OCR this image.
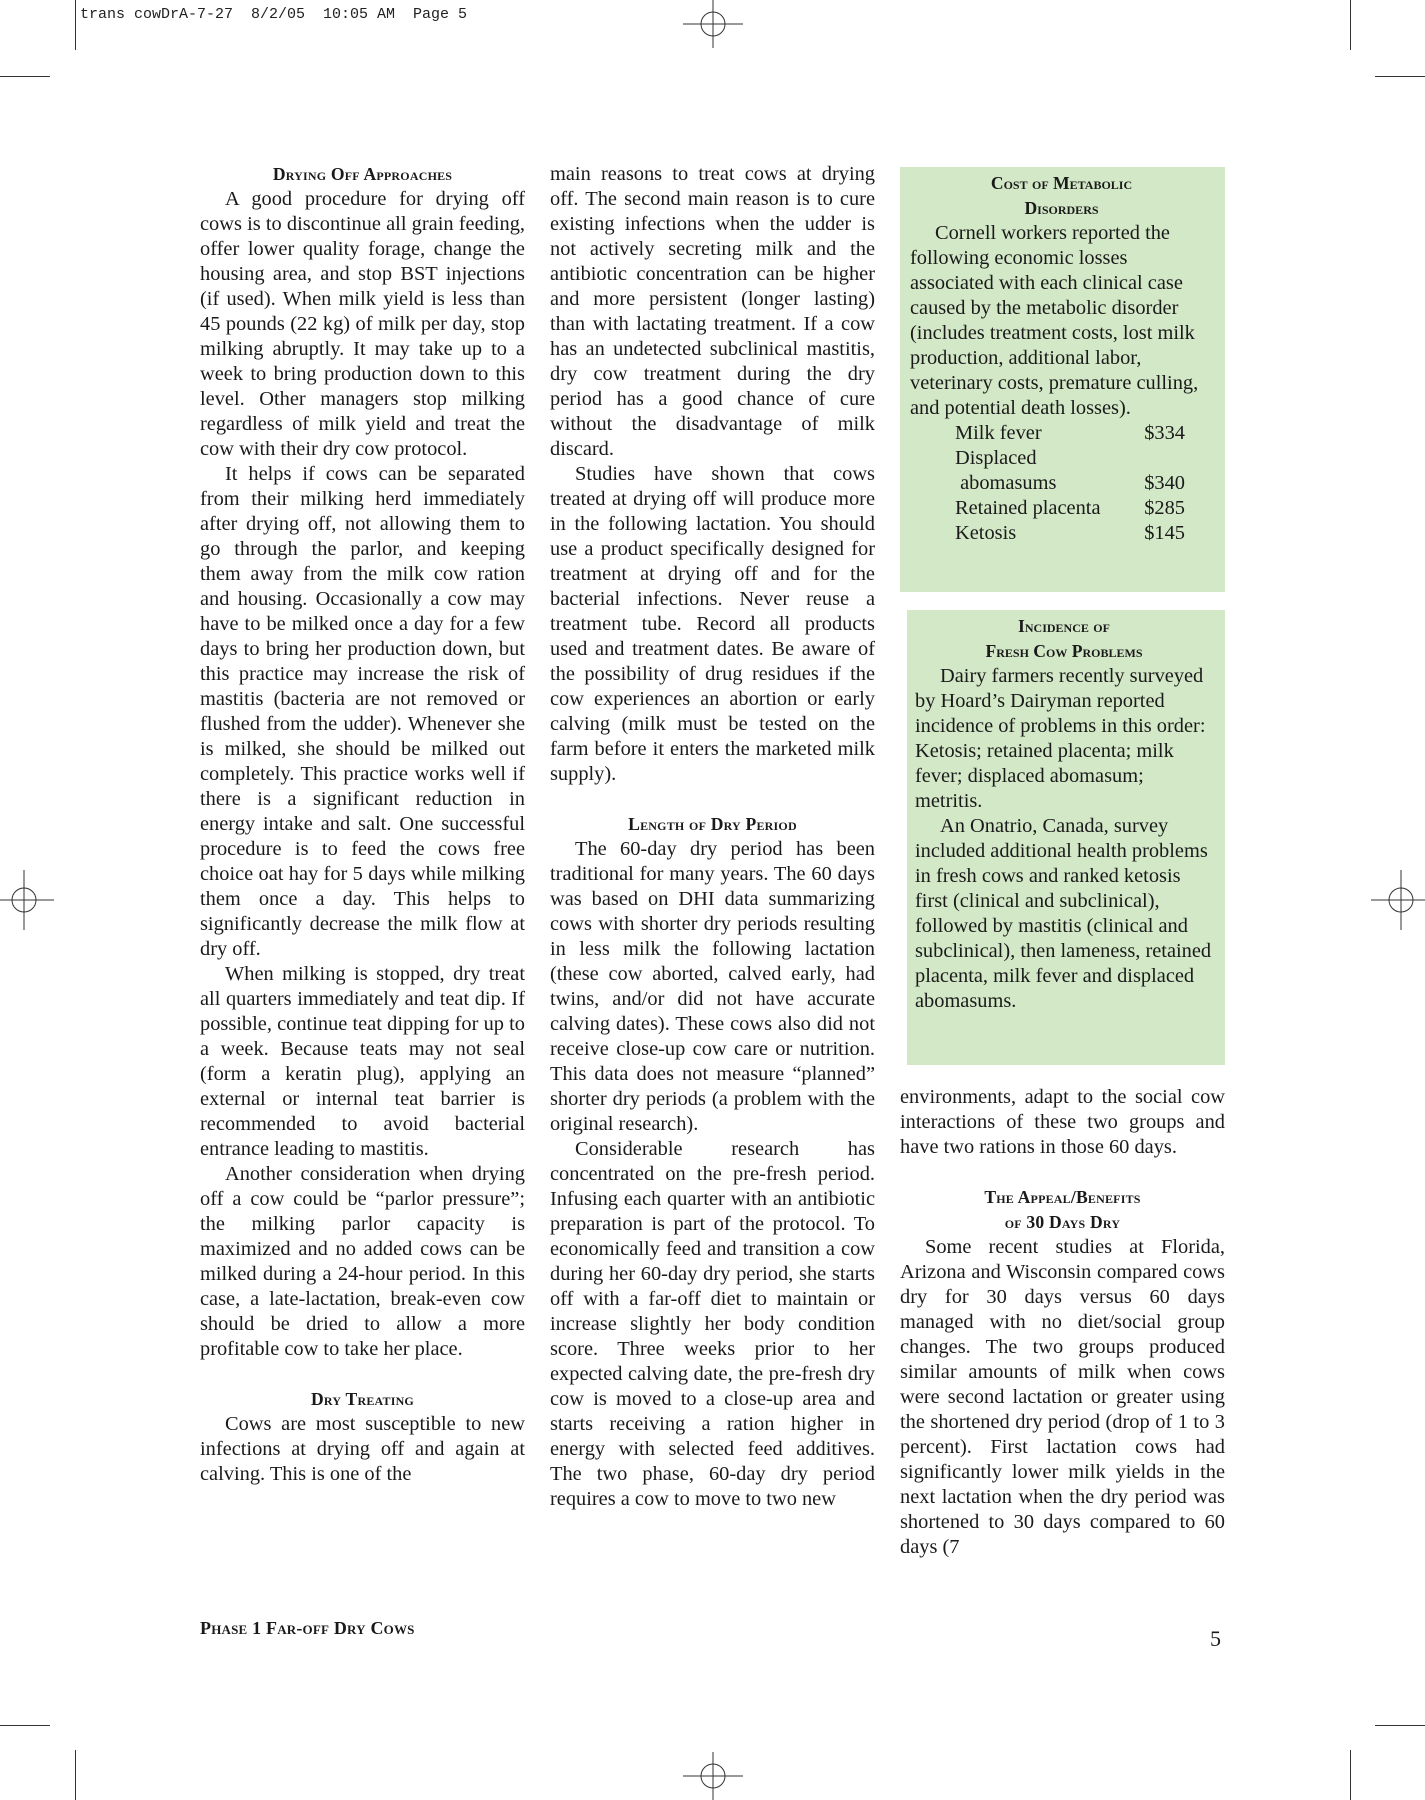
trans cowDrA-7-27  8/2/05  10:05 AM  Page 5
Drying Off Approaches

A good procedure for drying off cows is to discontinue all grain feeding, offer lower quality forage, change the housing area, and stop BST injections (if used). When milk yield is less than 45 pounds (22 kg) of milk per day, stop milking abruptly. It may take up to a week to bring production down to this level. Other managers stop milking regardless of milk yield and treat the cow with their dry cow protocol.

It helps if cows can be separated from their milking herd immediately after drying off, not allowing them to go through the parlor, and keeping them away from the milk cow ration and housing. Occasionally a cow may have to be milked once a day for a few days to bring her production down, but this practice may increase the risk of mastitis (bacteria are not removed or flushed from the udder). Whenever she is milked, she should be milked out completely. This practice works well if there is a significant reduction in energy intake and salt. One successful procedure is to feed the cows free choice oat hay for 5 days while milking them once a day. This helps to significantly decrease the milk flow at dry off.

When milking is stopped, dry treat all quarters immediately and teat dip. If possible, continue teat dipping for up to a week. Because teats may not seal (form a keratin plug), applying an external or internal teat barrier is recommended to avoid bacterial entrance leading to mastitis.

Another consideration when drying off a cow could be “parlor pressure”; the milking parlor capacity is maximized and no added cows can be milked during a 24-hour period. In this case, a late-lactation, break-even cow should be dried to allow a more profitable cow to take her place.

Dry Treating

Cows are most susceptible to new infections at drying off and again at calving. This is one of the

main reasons to treat cows at drying off. The second main reason is to cure existing infections when the udder is not actively secreting milk and the antibiotic concentration can be higher and more persistent (longer lasting) than with lactating treatment. If a cow has an undetected subclinical mastitis, dry cow treatment during the dry period has a good chance of cure without the disadvantage of milk discard.

Studies have shown that cows treated at drying off will produce more in the following lactation. You should use a product specifically designed for treatment at drying off and for the bacterial infections. Never reuse a treatment tube. Record all products used and treatment dates. Be aware of the possibility of drug residues if the cow experiences an abortion or early calving (milk must be tested on the farm before it enters the marketed milk supply).

Length of Dry Period

The 60-day dry period has been traditional for many years. The 60 days was based on DHI data summarizing cows with shorter dry periods resulting in less milk the following lactation (these cow aborted, calved early, had twins, and/or did not have accurate calving dates). These cows also did not receive close-up cow care or nutrition. This data does not measure “planned” shorter dry periods (a problem with the original research).

Considerable research has concentrated on the pre-fresh period. Infusing each quarter with an antibiotic preparation is part of the protocol. To economically feed and transition a cow during her 60-day dry period, she starts off with a far-off diet to maintain or increase slightly her body condition score. Three weeks prior to her expected calving date, the pre-fresh dry cow is moved to a close-up area and starts receiving a ration higher in energy with selected feed additives. The two phase, 60-day dry period requires a cow to move to two new

Cost of Metabolic
Disorders

Cornell workers reported the following economic losses associated with each clinical case caused by the metabolic disorder (includes treatment costs, lost milk production, additional labor, veterinary costs, premature culling, and potential death losses).

Milk fever	$334
Displaced	
abomasums	$340
Retained placenta	$285
Ketosis	$145
Incidence of
Fresh Cow Problems

Dairy farmers recently surveyed by Hoard’s Dairyman reported incidence of problems in this order: Ketosis; retained placenta; milk fever; displaced abomasum; metritis.

An Onatrio, Canada, survey included additional health problems in fresh cows and ranked ketosis first (clinical and subclinical), followed by mastitis (clinical and subclinical), then lameness, retained placenta, milk fever and displaced abomasums.

environments, adapt to the social cow interactions of these two groups and have two rations in those 60 days.

The Appeal/Benefits
of 30 Days Dry

Some recent studies at Florida, Arizona and Wisconsin compared cows dry for 30 days versus 60 days managed with no diet/social group changes. The two groups produced similar amounts of milk when cows were second lactation or greater using the shortened dry period (drop of 1 to 3 percent). First lactation cows had significantly lower milk yields in the next lactation when the dry period was shortened to 30 days compared to 60 days (7

Phase 1 Far-off Dry Cows	5
